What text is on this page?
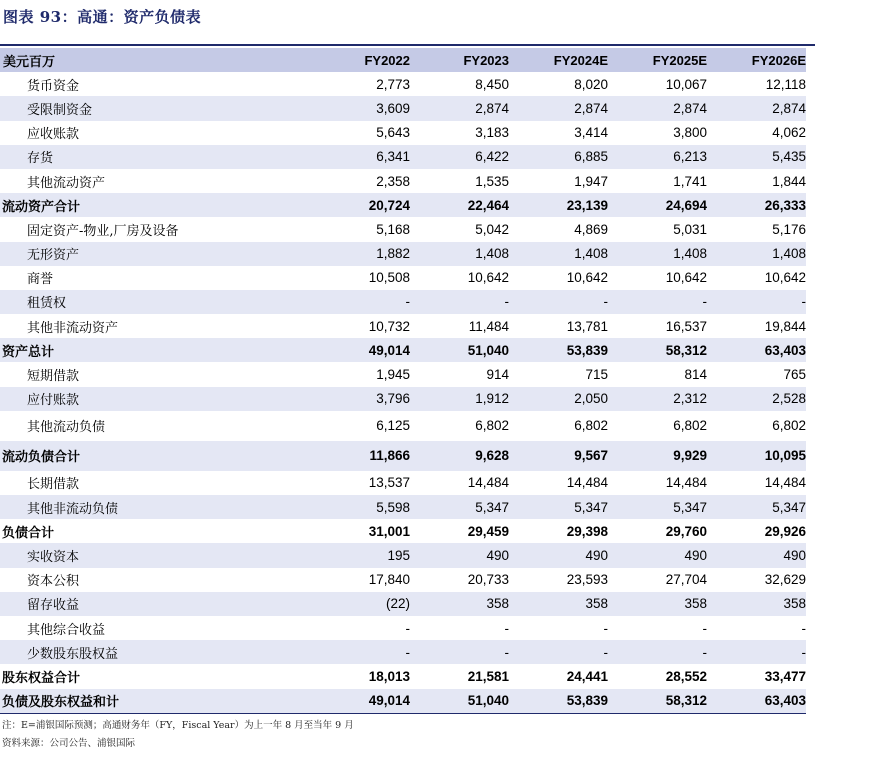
图表 93：高通：资产负债表
美元百万	FY2022	FY2023	FY2024E	FY2025E	FY2026E
货币资金	2,773	8,450	8,020	10,067	12,118
受限制资金	3,609	2,874	2,874	2,874	2,874
应收账款	5,643	3,183	3,414	3,800	4,062
存货	6,341	6,422	6,885	6,213	5,435
其他流动资产	2,358	1,535	1,947	1,741	1,844
流动资产合计	20,724	22,464	23,139	24,694	26,333
固定资产-物业,厂房及设备	5,168	5,042	4,869	5,031	5,176
无形资产	1,882	1,408	1,408	1,408	1,408
商誉	10,508	10,642	10,642	10,642	10,642
租赁权	-	-	-	-	-
其他非流动资产	10,732	11,484	13,781	16,537	19,844
资产总计	49,014	51,040	53,839	58,312	63,403
短期借款	1,945	914	715	814	765
应付账款	3,796	1,912	2,050	2,312	2,528
其他流动负债	6,125	6,802	6,802	6,802	6,802
流动负债合计	11,866	9,628	9,567	9,929	10,095
长期借款	13,537	14,484	14,484	14,484	14,484
其他非流动负债	5,598	5,347	5,347	5,347	5,347
负债合计	31,001	29,459	29,398	29,760	29,926
实收资本	195	490	490	490	490
资本公积	17,840	20,733	23,593	27,704	32,629
留存收益	(22)	358	358	358	358
其他综合收益	-	-	-	-	-
少数股东股权益	-	-	-	-	-
股东权益合计	18,013	21,581	24,441	28,552	33,477
负债及股东权益和计	49,014	51,040	53,839	58,312	63,403
注：E=浦银国际预测；高通财务年（FY，Fiscal Year）为上一年 8 月至当年 9 月
资料来源：公司公告、浦银国际
